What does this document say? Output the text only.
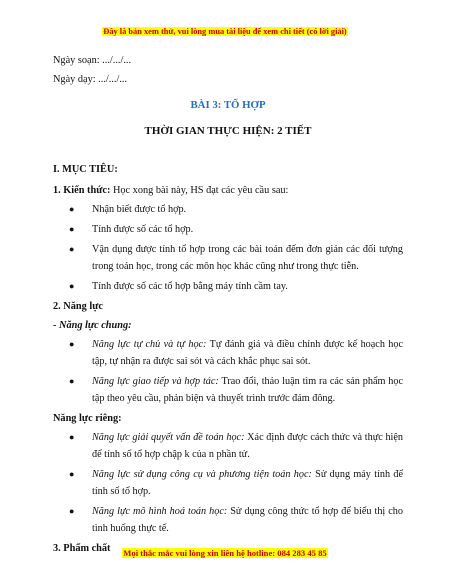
Đây là bản xem thử, vui lòng mua tài liệu để xem chi tiết (có lời giải)
Ngày soạn: .../.../...
Ngày dạy: .../.../...
BÀI 3: TỔ HỢP
THỜI GIAN THỰC HIỆN: 2 TIẾT
I. MỤC TIÊU:
1. Kiến thức: Học xong bài này, HS đạt các yêu cầu sau:
● Nhận biết được tổ hợp.
● Tính được số các tổ hợp.
● Vận dụng được tính tổ hợp trong các bài toán đếm đơn giản các đối tượng trong toán học, trong các môn học khác cũng như trong thực tiễn.
● Tính được số các tổ hợp bằng máy tính cầm tay.
2. Năng lực
- Năng lực chung:
● Năng lực tự chủ và tự học: Tự đánh giá và điều chỉnh được kế hoạch học tập, tự nhận ra được sai sót và cách khắc phục sai sót.
● Năng lực giao tiếp và hợp tác: Trao đổi, thảo luận tìm ra các sản phẩm học tập theo yêu cầu, phản biện và thuyết trình trước đám đông.
Năng lực riêng:
● Năng lực giải quyết vấn đề toán học: Xác định được cách thức và thực hiện để tính số tổ hợp chập k của n phần tử.
● Năng lực sử dụng công cụ và phương tiện toán học: Sử dụng máy tính để tính số tổ hợp.
● Năng lực mô hình hoá toán học: Sử dụng công thức tổ hợp để biểu thị cho tình huống thực tế.
3. Phẩm chất	Mọi thắc mắc vui lòng xin liên hệ hotline: 084 283 45 85
